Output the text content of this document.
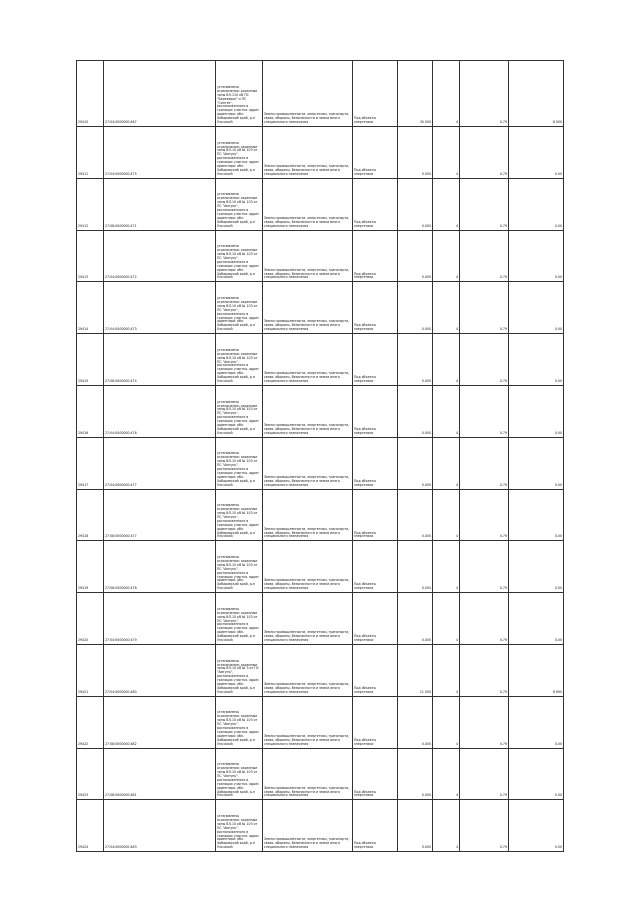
29410	27:04:0000000:467	установлены ограничения: охранные зоны ВЛ-110 кВ ПС "Березовка" и ПС "Синтез", расположенного в границах участка. адрес ориентира: обл. Хабаровский край, р-н Ульчский	Земли промышленности, энергетики, транспорта, связи, обороны, безопасности и земли иного специального назначения	Под объекты энергетики	30 000	4	0.79	8 000
29411	27:04:0000000:475	установлены ограничения: охранные зоны ВЛ-10 кВ № 103 от ПС "Амгунь", расположенного в границах участка. адрес ориентира: обл. Хабаровский край, р-н Ульчский	Земли промышленности, энергетики, транспорта, связи, обороны, безопасности и земли иного специального назначения	Под объекты энергетики	0.000	4	0.79	0.00
29412	27:08:0000000:471	установлены ограничения: охранные зоны ВЛ-10 кВ № 103 от ПС "Амгунь", расположенного в границах участка. адрес ориентира: обл. Хабаровский край, р-н Ульчский	Земли промышленности, энергетики, транспорта, связи, обороны, безопасности и земли иного специального назначения	Под объекты энергетики	0.000	4	0.79	0.00
29413	27:04:0000000:472	установлены ограничения: охранные зоны ВЛ-10 кВ № 103 от ПС "Амгунь", расположенного в границах участка. адрес ориентира: обл. Хабаровский край, р-н Ульчский	Земли промышленности, энергетики, транспорта, связи, обороны, безопасности и земли иного специального назначения	Под объекты энергетики	0.000	4	0.79	0.00
29414	27:04:0000000:473	установлены ограничения: охранные зоны ВЛ-10 кВ № 103 от ПС "Амгунь", расположенного в границах участка. адрес ориентира: обл. Хабаровский край, р-н Ульчский	Земли промышленности, энергетики, транспорта, связи, обороны, безопасности и земли иного специального назначения	Под объекты энергетики	0.000	4	0.79	0.00
29415	27:08:0000000:474	установлены ограничения: охранные зоны ВЛ-10 кВ № 103 от ПС "Амгунь", расположенного в границах участка. адрес ориентира: обл. Хабаровский край, р-н Ульчский	Земли промышленности, энергетики, транспорта, связи, обороны, безопасности и земли иного специального назначения	Под объекты энергетики	0.000	4	0.79	0.00
29416	27:04:0000000:476	установлены ограничения: охранные зоны ВЛ-10 кВ № 103 от ПС "Амгунь", расположенного в границах участка. адрес ориентира: обл. Хабаровский край, р-н Ульчский	Земли промышленности, энергетики, транспорта, связи, обороны, безопасности и земли иного специального назначения	Под объекты энергетики	0.000	4	0.79	0.00
29417	27:04:0000000:477	установлены ограничения: охранные зоны ВЛ-10 кВ № 103 от ПС "Амгунь", расположенного в границах участка. адрес ориентира: обл. Хабаровский край, р-н Ульчский	Земли промышленности, энергетики, транспорта, связи, обороны, безопасности и земли иного специального назначения	Под объекты энергетики	0.000	4	0.79	0.00
29418	27:08:0000000:477	установлены ограничения: охранные зоны ВЛ-10 кВ № 103 от ПС "Амгунь", расположенного в границах участка. адрес ориентира: обл. Хабаровский край, р-н Ульчский	Земли промышленности, энергетики, транспорта, связи, обороны, безопасности и земли иного специального назначения	Под объекты энергетики	0.000	4	0.79	0.00
29419	27:08:0000000:478	установлены ограничения: охранные зоны ВЛ-10 кВ № 103 от ПС "Амгунь", расположенного в границах участка. адрес ориентира: обл. Хабаровский край, р-н Ульчский	Земли промышленности, энергетики, транспорта, связи, обороны, безопасности и земли иного специального назначения	Под объекты энергетики	0.000	4	0.79	0.00
29420	27:04:0000000:479	установлены ограничения: охранные зоны ВЛ-10 кВ № 103 от ПС "Амгунь", расположенного в границах участка. адрес ориентира: обл. Хабаровский край, р-н Ульчский	Земли промышленности, энергетики, транспорта, связи, обороны, безопасности и земли иного специального назначения	Под объекты энергетики	0.000	4	0.79	0.00
29421	27:04:0000000:480	установлены ограничения: охранные зоны ВЛ-10 кВ № 3 от ПС "Амгунь", расположенного в границах участка. адрес ориентира: обл. Хабаровский край, р-н Ульчский	Земли промышленности, энергетики, транспорта, связи, обороны, безопасности и земли иного специального назначения	Под объекты энергетики	11 000	4	0.79	8 690
29422	27:08:0000000:482	установлены ограничения: охранные зоны ВЛ-10 кВ № 103 от ПС "Амгунь", расположенного в границах участка. адрес ориентира: обл. Хабаровский край, р-н Ульчский	Земли промышленности, энергетики, транспорта, связи, обороны, безопасности и земли иного специального назначения	Под объекты энергетики	0.000	4	0.79	0.00
29423	27:08:0000000:481	установлены ограничения: охранные зоны ВЛ-10 кВ № 103 от ПС "Амгунь", расположенного в границах участка. адрес ориентира: обл. Хабаровский край, р-н Ульчский	Земли промышленности, энергетики, транспорта, связи, обороны, безопасности и земли иного специального назначения	Под объекты энергетики	0.000	4	0.79	0.00
29424	27:04:0000000:483	установлены ограничения: охранные зоны ВЛ-10 кВ № 103 от ПС "Амгунь", расположенного в границах участка. адрес ориентира: обл. Хабаровский край, р-н Ульчский	Земли промышленности, энергетики, транспорта, связи, обороны, безопасности и земли иного специального назначения	Под объекты энергетики	0.000	4	0.79	0.00
